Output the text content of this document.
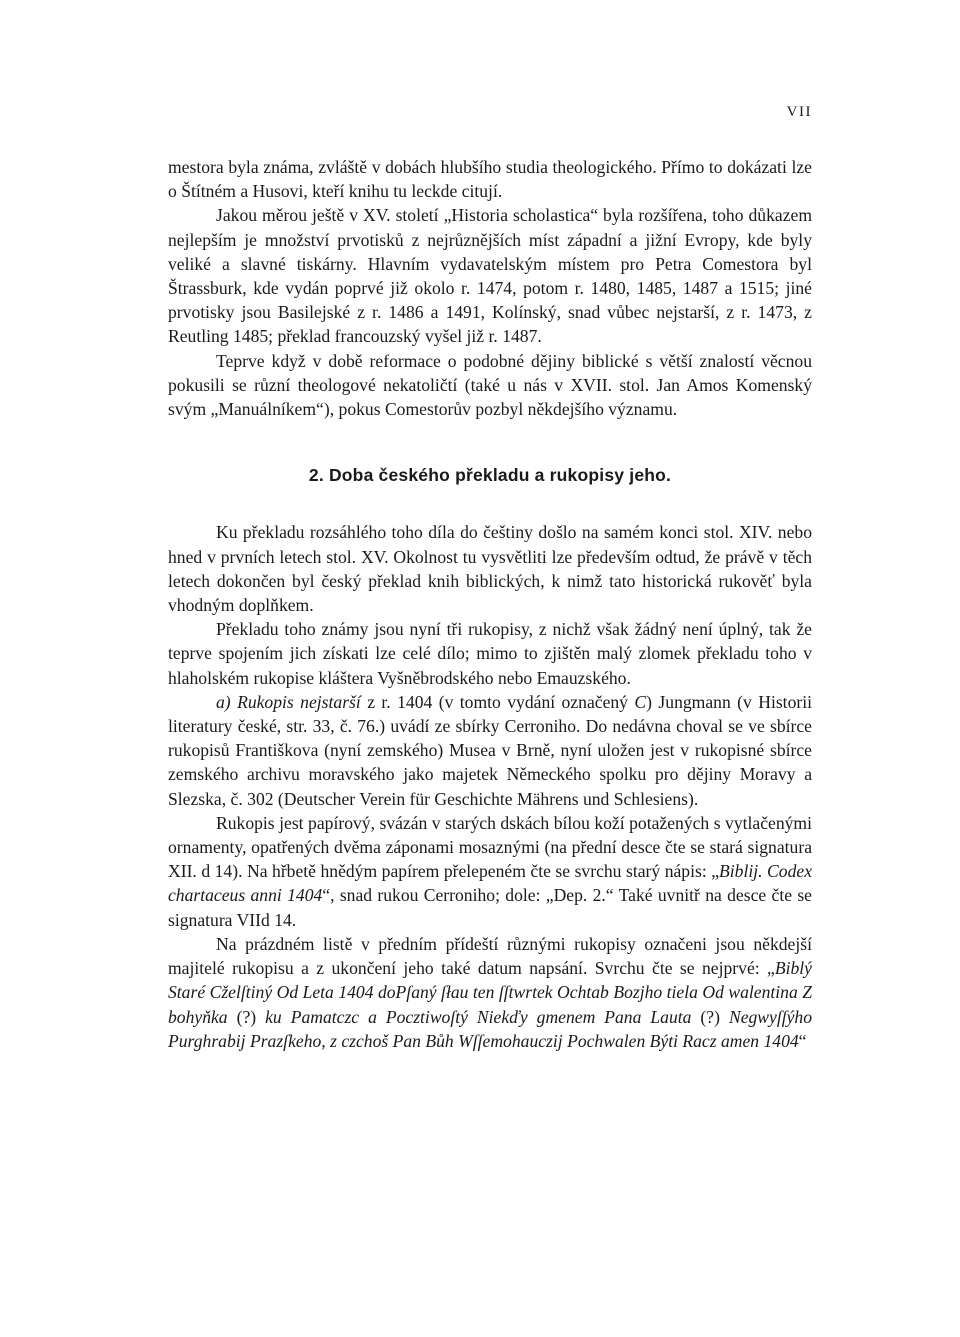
VII

mestora byla známa, zvláště v dobách hlubšího studia theologického. Přímo to dokázati lze o Štítném a Husovi, kteří knihu tu leckde citují.

Jakou měrou ještě v XV. století „Historia scholastica“ byla rozšířena, toho důkazem nejlepším je množství prvotisků z nejrůznějších míst západní a jižní Evropy, kde byly veliké a slavné tiskárny. Hlavním vydavatelským místem pro Petra Comestora byl Štrassburk, kde vydán poprvé již okolo r. 1474, potom r. 1480, 1485, 1487 a 1515; jiné prvotisky jsou Basilejské z r. 1486 a 1491, Kolínský, snad vůbec nejstarší, z r. 1473, z Reutling 1485; překlad francouzský vyšel již r. 1487.

Teprve když v době reformace o podobné dějiny biblické s větší znalostí věcnou pokusili se různí theologové nekatoličtí (také u nás v XVII. stol. Jan Amos Komenský svým „Manuálníkem“), pokus Comestorův pozbyl někdejšího významu.

2. Doba českého překladu a rukopisy jeho.

Ku překladu rozsáhlého toho díla do češtiny došlo na samém konci stol. XIV. nebo hned v prvních letech stol. XV. Okolnost tu vysvětliti lze především odtud, že právě v těch letech dokončen byl český překlad knih biblických, k nimž tato historická rukověť byla vhodným doplňkem.

Překladu toho známy jsou nyní tři rukopisy, z nichž však žádný není úplný, tak že teprve spojením jich získati lze celé dílo; mimo to zjištěn malý zlomek překladu toho v hlaholském rukopise kláštera Vyšněbrodského nebo Emauzského.

a) Rukopis nejstarší z r. 1404 (v tomto vydání označený C) Jungmann (v Historii literatury české, str. 33, č. 76.) uvádí ze sbírky Cerroniho. Do nedávna choval se ve sbírce rukopisů Františkova (nyní zemského) Musea v Brně, nyní uložen jest v rukopisné sbírce zemského archivu moravského jako majetek Německého spolku pro dějiny Moravy a Slezska, č. 302 (Deutscher Verein für Geschichte Mährens und Schlesiens).

Rukopis jest papírový, svázán v starých dskách bílou koží potažených s vytlačenými ornamenty, opatřených dvěma záponami mosaznými (na přední desce čte se stará signatura XII. d 14). Na hřbetě hnědým papírem přelepeném čte se svrchu starý nápis: „Biblij. Codex chartaceus anni 1404“, snad rukou Cerroniho; dole: „Dep. 2.“ Také uvnitř na desce čte se signatura VIId 14.

Na prázdném listě v předním přídeští různými rukopisy označeni jsou někdejší majitelé rukopisu a z ukončení jeho také datum napsání. Svrchu čte se nejprvé: „Biblý Staré Cželſtiný Od Leta 1404 doPſaný ſłau ten ſſtwrtek Ochtab Bozjho tiela Od walentina Z bohyňka (?) ku Pamatczc a Pocztiwoſtý Niekďy gmenem Pana Lauta (?) Negwyſſýho Purghrabij Prazſkeho, z czchoš Pan Bůh Wſſemohauczij Pochwalen Býti Racz amen 1404“
